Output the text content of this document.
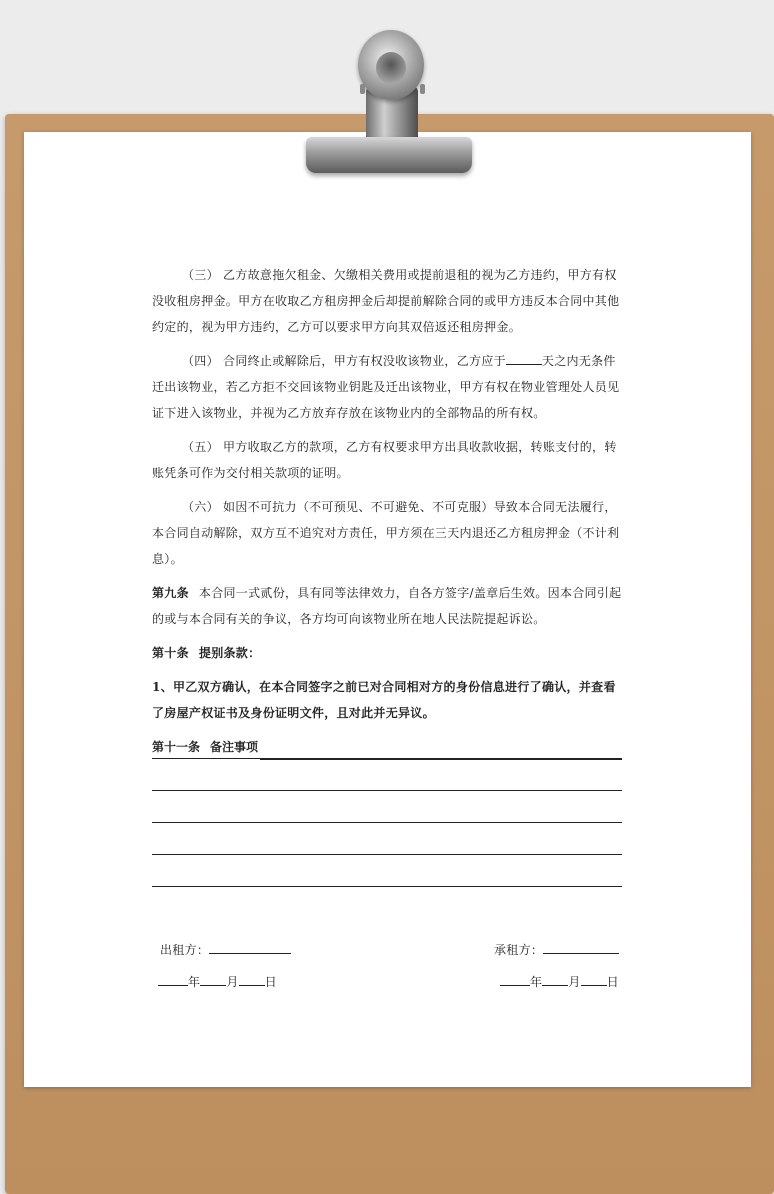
（三） 乙方故意拖欠租金、欠缴相关费用或提前退租的视为乙方违约，甲方有权没收租房押金。甲方在收取乙方租房押金后却提前解除合同的或甲方违反本合同中其他约定的，视为甲方违约，乙方可以要求甲方向其双倍返还租房押金。

（四） 合同终止或解除后，甲方有权没收该物业，乙方应于	天之内无条件迁出该物业，若乙方拒不交回该物业钥匙及迁出该物业，甲方有权在物业管理处人员见证下进入该物业，并视为乙方放弃存放在该物业内的全部物品的所有权。

（五） 甲方收取乙方的款项，乙方有权要求甲方出具收款收据，转账支付的，转账凭条可作为交付相关款项的证明。

（六） 如因不可抗力（不可预见、不可避免、不可克服）导致本合同无法履行，本合同自动解除，双方互不追究对方责任，甲方须在三天内退还乙方租房押金（不计利息）。

第九条 本合同一式贰份，具有同等法律效力，自各方签字/盖章后生效。因本合同引起的或与本合同有关的争议，各方均可向该物业所在地人民法院提起诉讼。

第十条 提别条款：

1、甲乙双方确认，在本合同签字之前已对合同相对方的身份信息进行了确认，并查看了房屋产权证书及身份证明文件，且对此并无异议。

第十一条 备注事项
出租方：	承租方：
年 月 日	年 月 日
